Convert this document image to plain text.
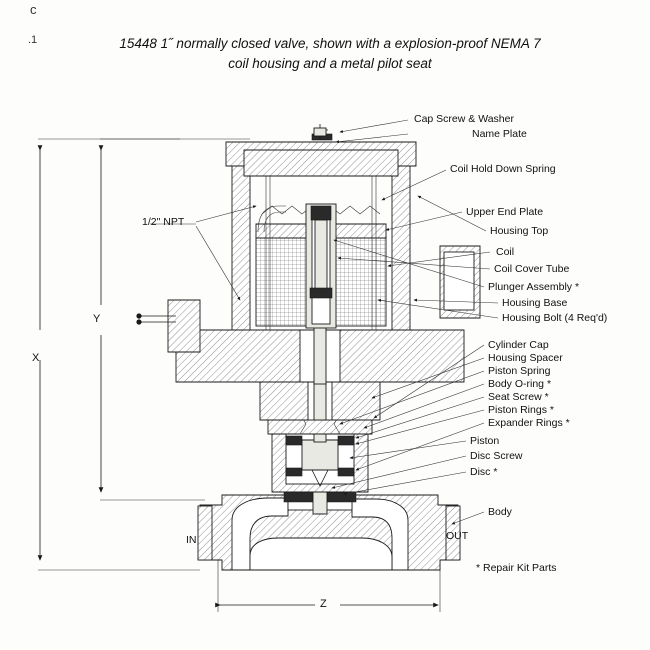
c
.1	15448 1˝ normally closed valve, shown with a explosion-proof NEMA 7
coil housing and a metal pilot seat
X
Y
Z
1/2" NPT
IN	OUT
Cap Screw & Washer
Name Plate
Coil Hold Down Spring
Upper End Plate
Housing Top
Coil
Coil Cover Tube
Plunger Assembly *
Housing Base
Housing Bolt (4 Req'd)
Cylinder Cap
Housing Spacer
Piston Spring
Body O-ring *
Seat Screw *
Piston Rings *
Expander Rings *
Piston
Disc Screw
Disc *
Body
* Repair Kit Parts
